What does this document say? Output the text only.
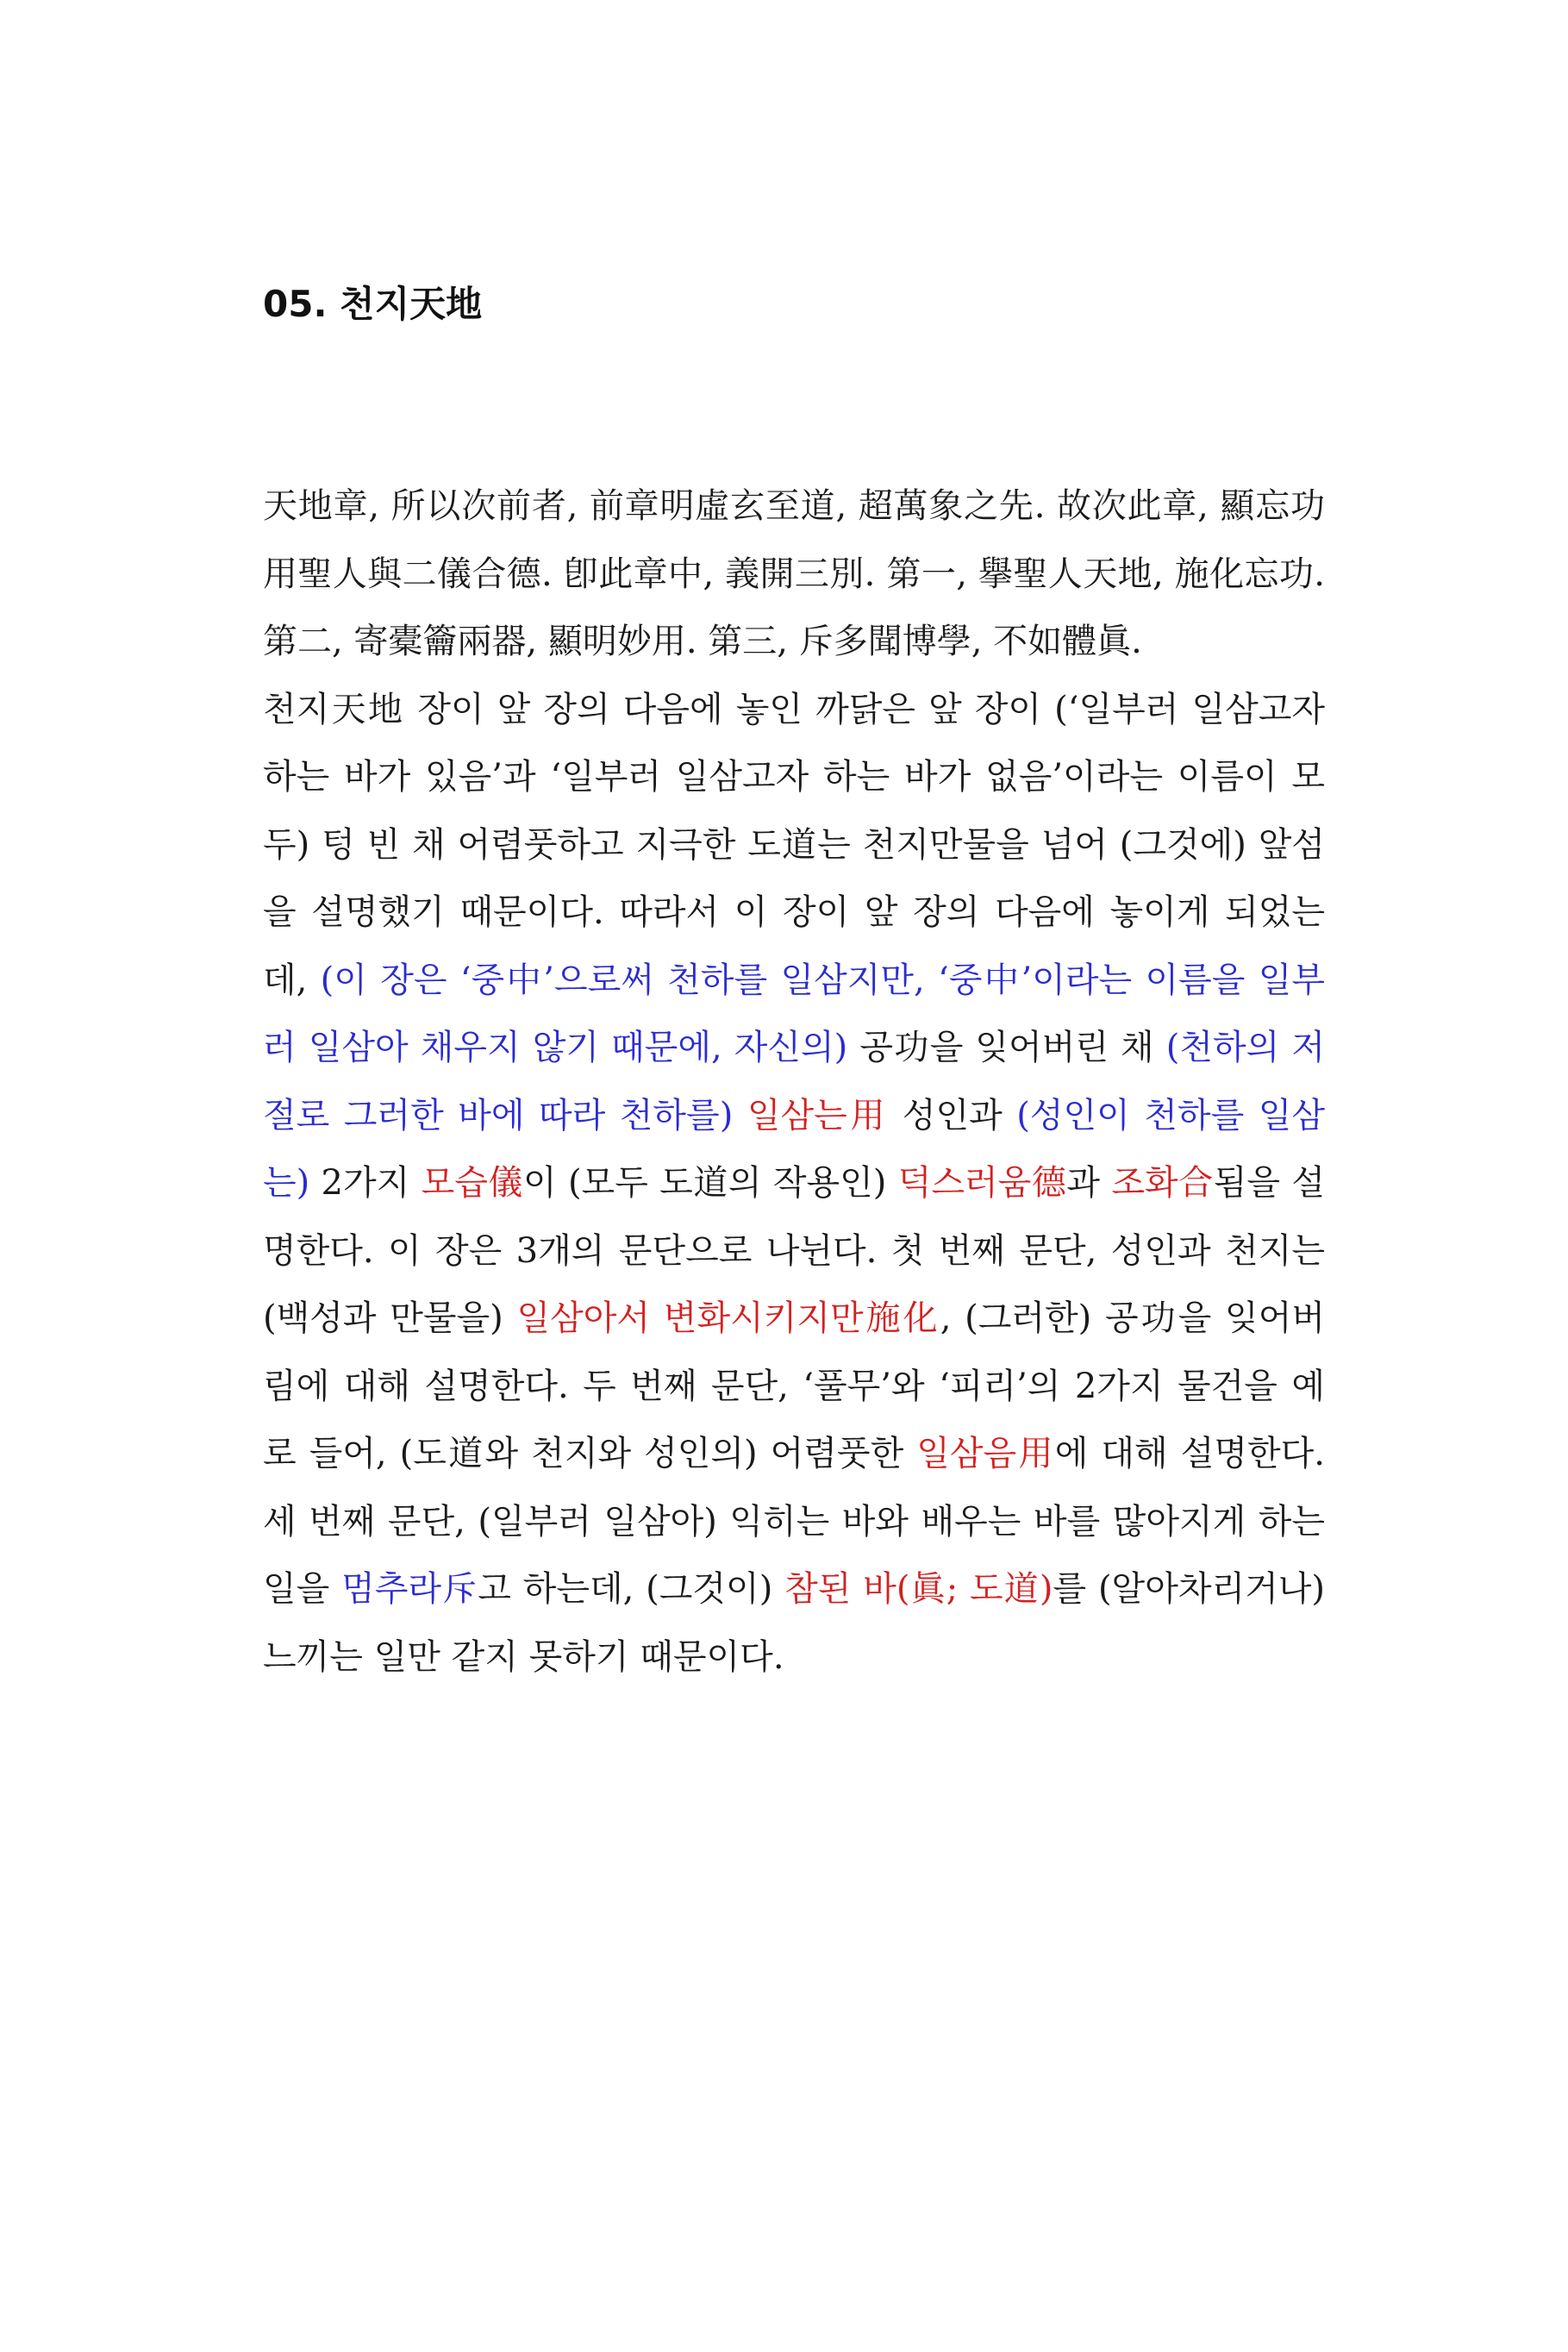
05. 천지天地

天地章, 所以次前者, 前章明虛玄至道, 超萬象之先. 故次此章, 顯忘功用聖人與二儀合德. 卽此章中, 義開三別. 第一, 擧聖人天地, 施化忘功. 第二, 寄橐籥兩器, 顯明妙用. 第三, 斥多聞博學, 不如體眞.

천지天地 장이 앞 장의 다음에 놓인 까닭은 앞 장이 (‘일부러 일삼고자 하는 바가 있음’과 ‘일부러 일삼고자 하는 바가 없음’이라는 이름이 모두) 텅 빈 채 어렴풋하고 지극한 도道는 천지만물을 넘어 (그것에) 앞섬을 설명했기 때문이다. 따라서 이 장이 앞 장의 다음에 놓이게 되었는데, (이 장은 ‘중中’으로써 천하를 일삼지만, ‘중中’이라는 이름을 일부러 일삼아 채우지 않기 때문에, 자신의) 공功을 잊어버린 채 (천하의 저절로 그러한 바에 따라 천하를) 일삼는用 성인과 (성인이 천하를 일삼는) 2가지 모습儀이 (모두 도道의 작용인) 덕스러움德과 조화合됨을 설명한다. 이 장은 3개의 문단으로 나뉜다. 첫 번째 문단, 성인과 천지는 (백성과 만물을) 일삼아서 변화시키지만施化, (그러한) 공功을 잊어버림에 대해 설명한다. 두 번째 문단, ‘풀무’와 ‘피리’의 2가지 물건을 예로 들어, (도道와 천지와 성인의) 어렴풋한 일삼음用에 대해 설명한다. 세 번째 문단, (일부러 일삼아) 익히는 바와 배우는 바를 많아지게 하는 일을 멈추라斥고 하는데, (그것이) 참된 바(眞; 도道)를 (알아차리거나) 느끼는 일만 같지 못하기 때문이다.
